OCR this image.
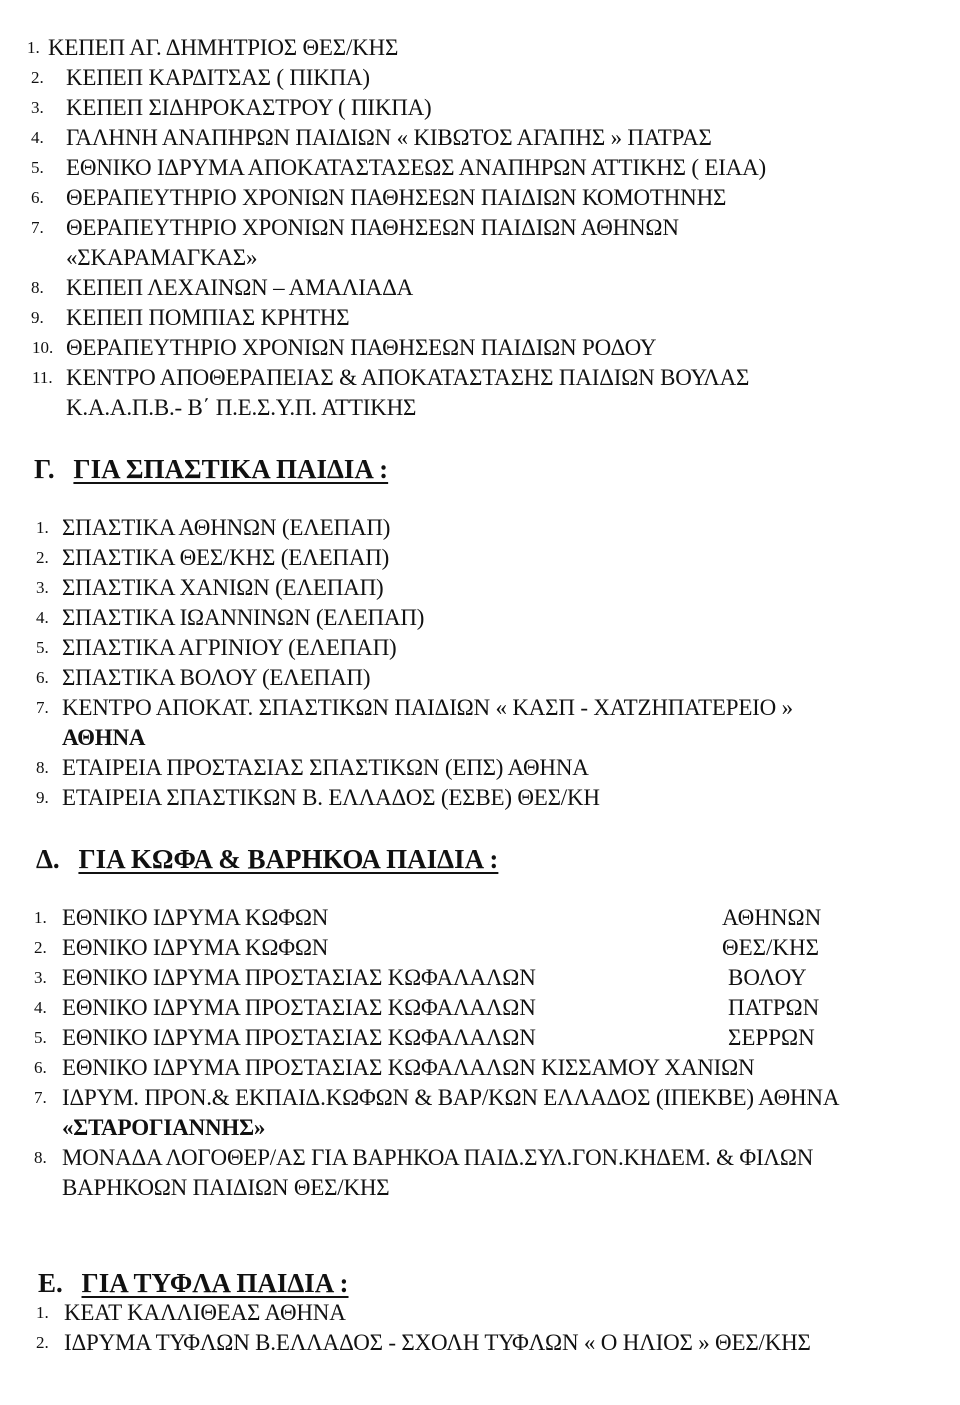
1. ΚΕΠΕΠ ΑΓ. ΔΗΜΗΤΡΙΟΣ ΘΕΣ/ΚΗΣ
2. ΚΕΠΕΠ ΚΑΡΔΙΤΣΑΣ ( ΠΙΚΠΑ)
3. ΚΕΠΕΠ ΣΙΔΗΡΟΚΑΣΤΡΟΥ ( ΠΙΚΠΑ)
4. ΓΑΛΗΝΗ ΑΝΑΠΗΡΩΝ ΠΑΙΔΙΩΝ « ΚΙΒΩΤΟΣ ΑΓΑΠΗΣ » ΠΑΤΡΑΣ
5. ΕΘΝΙΚΟ ΙΔΡΥΜΑ ΑΠΟΚΑΤΑΣΤΑΣΕΩΣ ΑΝΑΠΗΡΩΝ ΑΤΤΙΚΗΣ ( ΕΙΑΑ)
6. ΘΕΡΑΠΕΥΤΗΡΙΟ ΧΡΟΝΙΩΝ ΠΑΘΗΣΕΩΝ ΠΑΙΔΙΩΝ ΚΟΜΟΤΗΝΗΣ
7. ΘΕΡΑΠΕΥΤΗΡΙΟ ΧΡΟΝΙΩΝ ΠΑΘΗΣΕΩΝ ΠΑΙΔΙΩΝ ΑΘΗΝΩΝ
«ΣΚΑΡΑΜΑΓΚΑΣ»
8. ΚΕΠΕΠ ΛΕΧΑΙΝΩΝ – ΑΜΑΛΙΑΔΑ
9. ΚΕΠΕΠ ΠΟΜΠΙΑΣ ΚΡΗΤΗΣ
10. ΘΕΡΑΠΕΥΤΗΡΙΟ ΧΡΟΝΙΩΝ ΠΑΘΗΣΕΩΝ ΠΑΙΔΙΩΝ ΡΟΔΟΥ
11. ΚΕΝΤΡΟ ΑΠΟΘΕΡΑΠΕΙΑΣ & ΑΠΟΚΑΤΑΣΤΑΣΗΣ ΠΑΙΔΙΩΝ ΒΟΥΛΑΣ
Κ.Α.Α.Π.Β.- Β΄ Π.Ε.Σ.Υ.Π. ΑΤΤΙΚΗΣ
Γ. ΓΙΑ ΣΠΑΣΤΙΚΑ ΠΑΙΔΙΑ :
1. ΣΠΑΣΤΙΚΑ ΑΘΗΝΩΝ (ΕΛΕΠΑΠ)
2. ΣΠΑΣΤΙΚΑ ΘΕΣ/ΚΗΣ (ΕΛΕΠΑΠ)
3. ΣΠΑΣΤΙΚΑ ΧΑΝΙΩΝ (ΕΛΕΠΑΠ)
4. ΣΠΑΣΤΙΚΑ ΙΩΑΝΝΙΝΩΝ (ΕΛΕΠΑΠ)
5. ΣΠΑΣΤΙΚΑ ΑΓΡΙΝΙΟΥ (ΕΛΕΠΑΠ)
6. ΣΠΑΣΤΙΚΑ ΒΟΛΟΥ (ΕΛΕΠΑΠ)
7. ΚΕΝΤΡΟ ΑΠΟΚΑΤ. ΣΠΑΣΤΙΚΩΝ ΠΑΙΔΙΩΝ « ΚΑΣΠ - ΧΑΤΖΗΠΑΤΕΡΕΙΟ »
ΑΘΗΝΑ
8. ΕΤΑΙΡΕΙΑ ΠΡΟΣΤΑΣΙΑΣ ΣΠΑΣΤΙΚΩΝ (ΕΠΣ) ΑΘΗΝΑ
9. ΕΤΑΙΡΕΙΑ ΣΠΑΣΤΙΚΩΝ Β. ΕΛΛΑΔΟΣ (ΕΣΒΕ) ΘΕΣ/ΚΗ
Δ. ΓΙΑ ΚΩΦΑ & ΒΑΡΗΚΟΑ ΠΑΙΔΙΑ :
1. ΕΘΝΙΚΟ ΙΔΡΥΜΑ ΚΩΦΩΝ	ΑΘΗΝΩΝ
2. ΕΘΝΙΚΟ ΙΔΡΥΜΑ ΚΩΦΩΝ	ΘΕΣ/ΚΗΣ
3. ΕΘΝΙΚΟ ΙΔΡΥΜΑ ΠΡΟΣΤΑΣΙΑΣ ΚΩΦΑΛΑΛΩΝ	ΒΟΛΟΥ
4. ΕΘΝΙΚΟ ΙΔΡΥΜΑ ΠΡΟΣΤΑΣΙΑΣ ΚΩΦΑΛΑΛΩΝ	ΠΑΤΡΩΝ
5. ΕΘΝΙΚΟ ΙΔΡΥΜΑ ΠΡΟΣΤΑΣΙΑΣ ΚΩΦΑΛΑΛΩΝ	ΣΕΡΡΩΝ
6. ΕΘΝΙΚΟ ΙΔΡΥΜΑ ΠΡΟΣΤΑΣΙΑΣ ΚΩΦΑΛΑΛΩΝ ΚΙΣΣΑΜΟΥ ΧΑΝΙΩΝ
7. ΙΔΡΥΜ. ΠΡΟΝ.& ΕΚΠΑΙΔ.ΚΩΦΩΝ & ΒΑΡ/ΚΩΝ ΕΛΛΑΔΟΣ (ΙΠΕΚΒΕ) ΑΘΗΝΑ
«ΣΤΑΡΟΓΙΑΝΝΗΣ»
8. ΜΟΝΑΔΑ ΛΟΓΟΘΕΡ/ΑΣ ΓΙΑ ΒΑΡΗΚΟΑ ΠΑΙΔ.ΣΥΛ.ΓΟΝ.ΚΗΔΕΜ. & ΦΙΛΩΝ
ΒΑΡΗΚΟΩΝ ΠΑΙΔΙΩΝ ΘΕΣ/ΚΗΣ
Ε. ΓΙΑ ΤΥΦΛΑ ΠΑΙΔΙΑ :
1. ΚΕΑΤ ΚΑΛΛΙΘΕΑΣ ΑΘΗΝΑ
2. ΙΔΡΥΜΑ ΤΥΦΛΩΝ Β.ΕΛΛΑΔΟΣ - ΣΧΟΛΗ ΤΥΦΛΩΝ « Ο ΗΛΙΟΣ » ΘΕΣ/ΚΗΣ
